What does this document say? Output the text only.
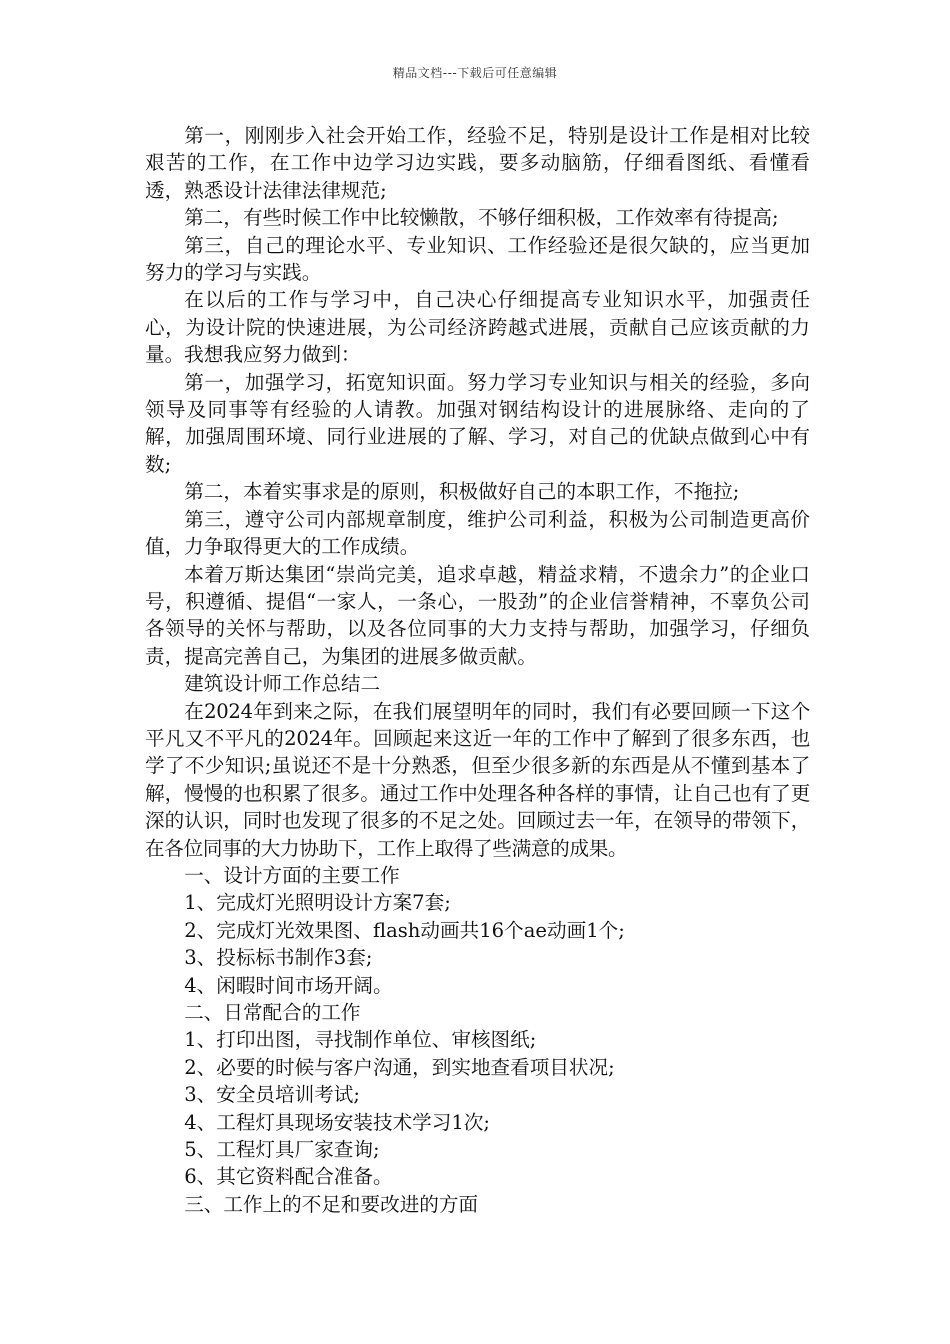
精品文档---下载后可任意编辑

第一，刚刚步入社会开始工作，经验不足，特别是设计工作是相对比较艰苦的工作，在工作中边学习边实践，要多动脑筋，仔细看图纸、看懂看透，熟悉设计法律法律规范;

第二，有些时候工作中比较懒散，不够仔细积极，工作效率有待提高;

第三，自己的理论水平、专业知识、工作经验还是很欠缺的，应当更加努力的学习与实践。

在以后的工作与学习中，自己决心仔细提高专业知识水平，加强责任心，为设计院的快速进展，为公司经济跨越式进展，贡献自己应该贡献的力量。我想我应努力做到：

第一，加强学习，拓宽知识面。努力学习专业知识与相关的经验，多向领导及同事等有经验的人请教。加强对钢结构设计的进展脉络、走向的了解，加强周围环境、同行业进展的了解、学习，对自己的优缺点做到心中有数;

第二，本着实事求是的原则，积极做好自己的本职工作，不拖拉;

第三，遵守公司内部规章制度，维护公司利益，积极为公司制造更高价值，力争取得更大的工作成绩。

本着万斯达集团“崇尚完美，追求卓越，精益求精，不遗余力”的企业口号，积遵循、提倡“一家人，一条心，一股劲”的企业信誉精神，不辜负公司各领导的关怀与帮助，以及各位同事的大力支持与帮助，加强学习，仔细负责，提高完善自己，为集团的进展多做贡献。

建筑设计师工作总结二

在2024年到来之际，在我们展望明年的同时，我们有必要回顾一下这个平凡又不平凡的2024年。回顾起来这近一年的工作中了解到了很多东西，也学了不少知识;虽说还不是十分熟悉，但至少很多新的东西是从不懂到基本了解，慢慢的也积累了很多。通过工作中处理各种各样的事情，让自己也有了更深的认识，同时也发现了很多的不足之处。回顾过去一年，在领导的带领下，在各位同事的大力协助下，工作上取得了些满意的成果。

一、设计方面的主要工作

1、完成灯光照明设计方案7套;

2、完成灯光效果图、flash动画共16个ae动画1个;

3、投标标书制作3套;

4、闲暇时间市场开阔。

二、日常配合的工作

1、打印出图，寻找制作单位、审核图纸;

2、必要的时候与客户沟通，到实地查看项目状况;

3、安全员培训考试;

4、工程灯具现场安装技术学习1次;

5、工程灯具厂家查询;

6、其它资料配合准备。

三、工作上的不足和要改进的方面
